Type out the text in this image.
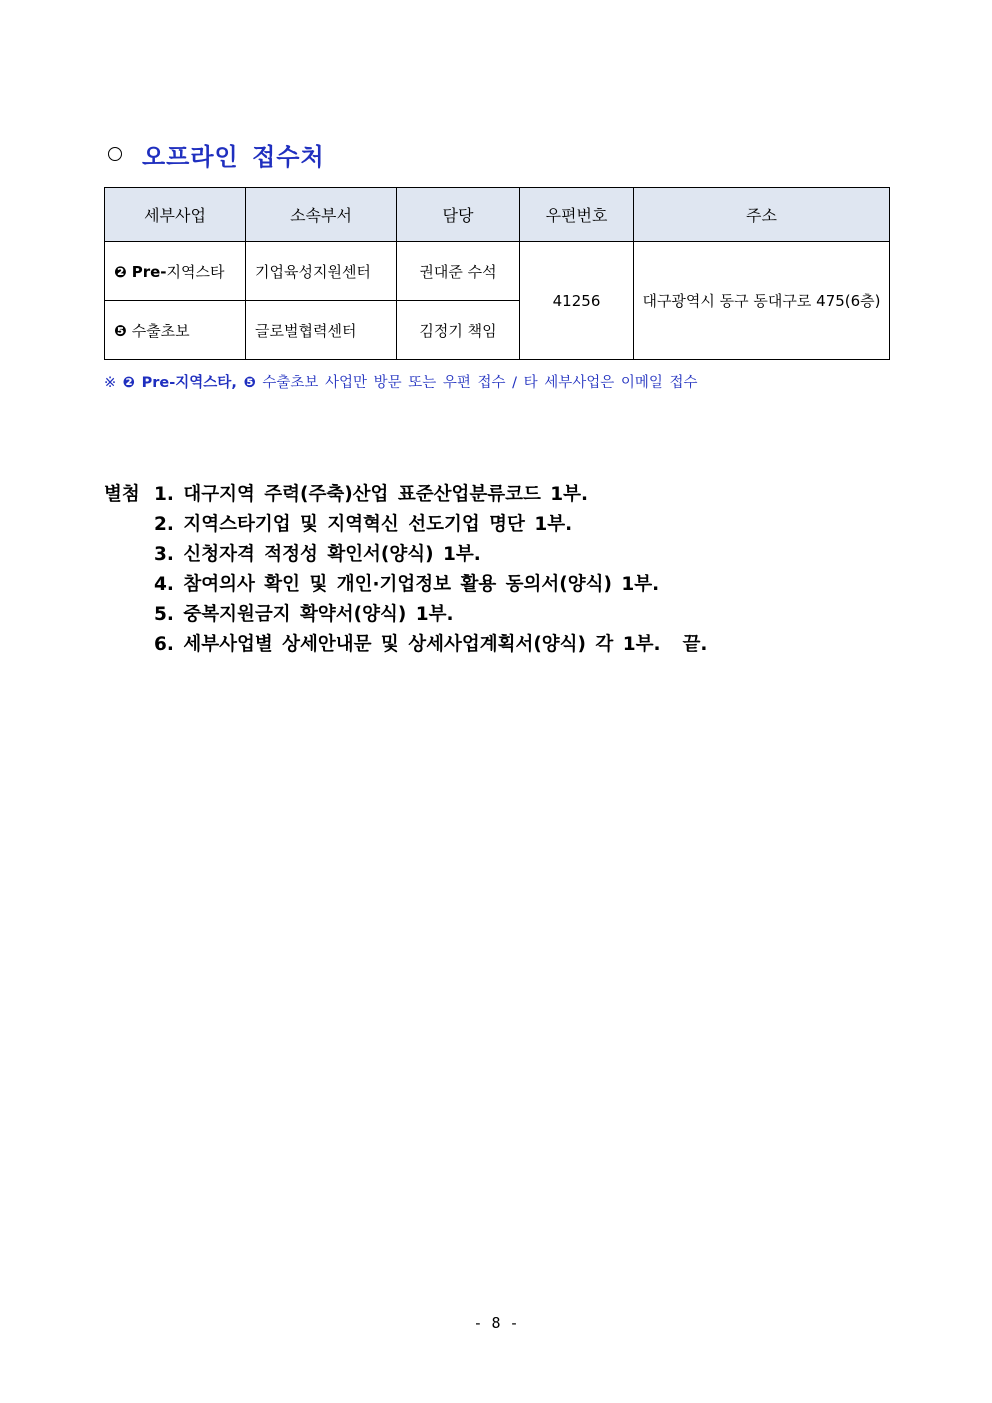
오프라인 접수처
세부사업	소속부서	담당	우편번호	주소
❷ Pre-지역스타	기업육성지원센터	권대준 수석	41256	대구광역시 동구 동대구로 475(6층)
❺ 수출초보	글로벌협력센터	김정기 책임		
※ ❷ Pre-지역스타, ❺ 수출초보 사업만 방문 또는 우편 접수 / 타 세부사업은 이메일 접수
별첨 1. 대구지역 주력(주축)산업 표준산업분류코드 1부.
2. 지역스타기업 및 지역혁신 선도기업 명단 1부.
3. 신청자격 적정성 확인서(양식) 1부.
4. 참여의사 확인 및 개인·기업정보 활용 동의서(양식) 1부.
5. 중복지원금지 확약서(양식) 1부.
6. 세부사업별 상세안내문 및 상세사업계획서(양식) 각 1부. 끝.
- 8 -
